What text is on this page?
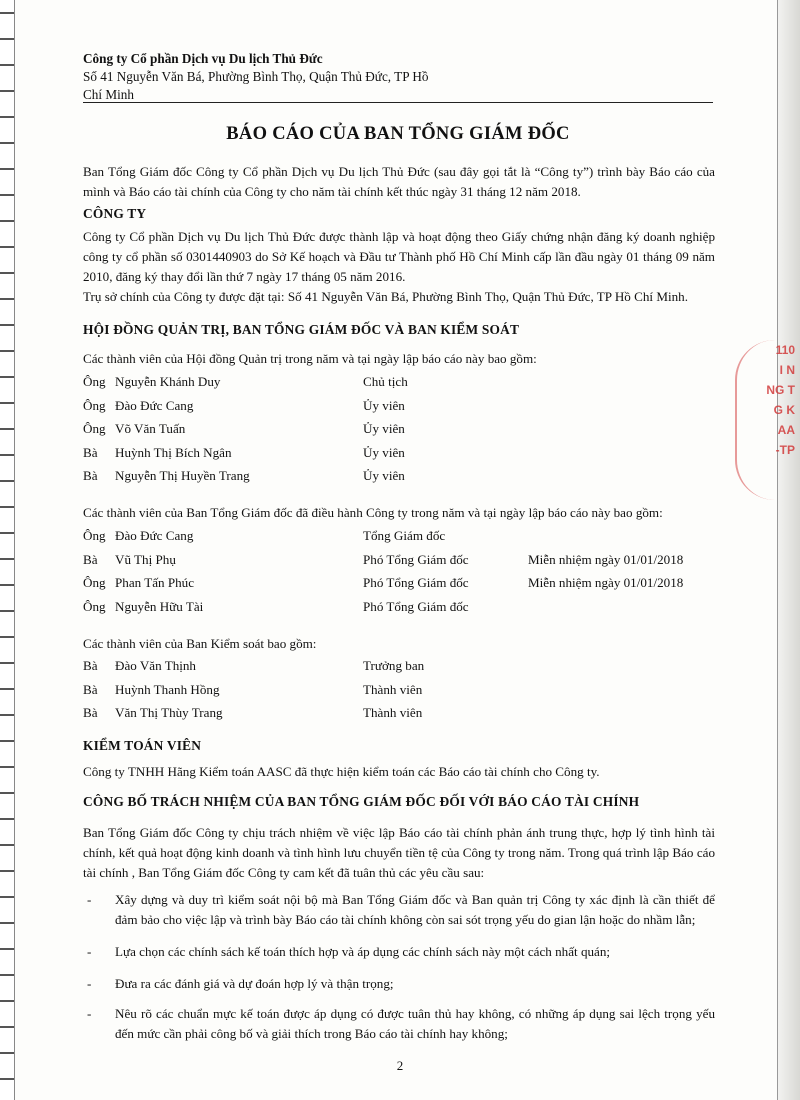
110
I N
NG T
G K
AA
-TP
Công ty Cổ phần Dịch vụ Du lịch Thủ Đức
Số 41 Nguyễn Văn Bá, Phường Bình Thọ, Quận Thủ Đức, TP Hồ
Chí Minh
BÁO CÁO CỦA BAN TỔNG GIÁM ĐỐC

Ban Tổng Giám đốc Công ty Cổ phần Dịch vụ Du lịch Thủ Đức (sau đây gọi tắt là “Công ty”) trình bày Báo cáo của mình và Báo cáo tài chính của Công ty cho năm tài chính kết thúc ngày 31 tháng 12 năm 2018.

CÔNG TY

Công ty Cổ phần Dịch vụ Du lịch Thủ Đức được thành lập và hoạt động theo Giấy chứng nhận đăng ký doanh nghiệp công ty cổ phần số 0301440903 do Sở Kế hoạch và Đầu tư Thành phố Hồ Chí Minh cấp lần đầu ngày 01 tháng 09 năm 2010, đăng ký thay đổi lần thứ 7 ngày 17 tháng 05 năm 2016.

Trụ sở chính của Công ty được đặt tại: Số 41 Nguyễn Văn Bá, Phường Bình Thọ, Quận Thủ Đức, TP Hồ Chí Minh.

HỘI ĐỒNG QUẢN TRỊ, BAN TỔNG GIÁM ĐỐC VÀ BAN KIỂM SOÁT

Các thành viên của Hội đồng Quản trị trong năm và tại ngày lập báo cáo này bao gồm:

Ông Nguyễn Khánh Duy	Chủ tịch
Ông Đào Đức Cang	Ủy viên
Ông Võ Văn Tuấn	Ủy viên
Bà Huỳnh Thị Bích Ngân	Ủy viên
Bà Nguyễn Thị Huyền Trang	Ủy viên

Các thành viên của Ban Tổng Giám đốc đã điều hành Công ty trong năm và tại ngày lập báo cáo này bao gồm:

Ông Đào Đức Cang	Tổng Giám đốc
Bà Vũ Thị Phụ	Phó Tổng Giám đốc	Miễn nhiệm ngày 01/01/2018
Ông Phan Tấn Phúc	Phó Tổng Giám đốc	Miễn nhiệm ngày 01/01/2018
Ông Nguyễn Hữu Tài	Phó Tổng Giám đốc

Các thành viên của Ban Kiểm soát bao gồm:

Bà Đào Văn Thịnh	Trưởng ban
Bà Huỳnh Thanh Hồng	Thành viên
Bà Văn Thị Thùy Trang	Thành viên
KIỂM TOÁN VIÊN

Công ty TNHH Hãng Kiểm toán AASC đã thực hiện kiểm toán các Báo cáo tài chính cho Công ty.

CÔNG BỐ TRÁCH NHIỆM CỦA BAN TỔNG GIÁM ĐỐC ĐỐI VỚI BÁO CÁO TÀI CHÍNH

Ban Tổng Giám đốc Công ty chịu trách nhiệm về việc lập Báo cáo tài chính phản ánh trung thực, hợp lý tình hình tài chính, kết quả hoạt động kinh doanh và tình hình lưu chuyển tiền tệ của Công ty trong năm. Trong quá trình lập Báo cáo tài chính , Ban Tổng Giám đốc Công ty cam kết đã tuân thủ các yêu cầu sau:

- Xây dựng và duy trì kiểm soát nội bộ mà Ban Tổng Giám đốc và Ban quản trị Công ty xác định là cần thiết để đảm bảo cho việc lập và trình bày Báo cáo tài chính không còn sai sót trọng yếu do gian lận hoặc do nhầm lẫn;
- Lựa chọn các chính sách kế toán thích hợp và áp dụng các chính sách này một cách nhất quán;
- Đưa ra các đánh giá và dự đoán hợp lý và thận trọng;
- Nêu rõ các chuẩn mực kế toán được áp dụng có được tuân thủ hay không, có những áp dụng sai lệch trọng yếu đến mức cần phải công bố và giải thích trong Báo cáo tài chính hay không;
2
